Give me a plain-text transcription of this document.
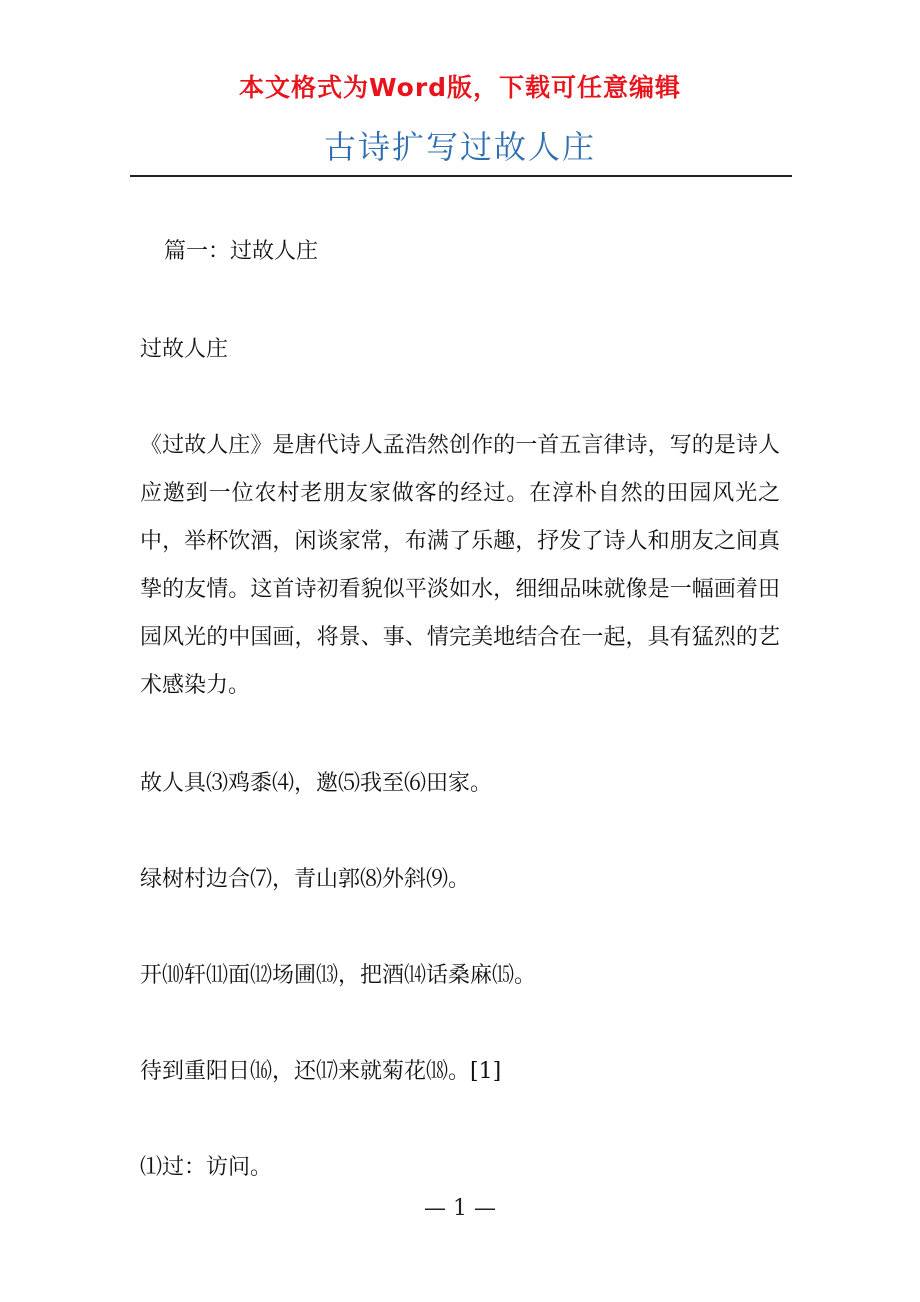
本文格式为Word版，下载可任意编辑
古诗扩写过故人庄

篇一：过故人庄

过故人庄

《过故人庄》是唐代诗人孟浩然创作的一首五言律诗，写的是诗人应邀到一位农村老朋友家做客的经过。在淳朴自然的田园风光之中，举杯饮酒，闲谈家常，布满了乐趣，抒发了诗人和朋友之间真挚的友情。这首诗初看貌似平淡如水，细细品味就像是一幅画着田园风光的中国画，将景、事、情完美地结合在一起，具有猛烈的艺术感染力。

故人具⑶鸡黍⑷，邀⑸我至⑹田家。

绿树村边合⑺，青山郭⑻外斜⑼。

开⑽轩⑾面⑿场圃⒀，把酒⒁话桑麻⒂。

待到重阳日⒃，还⒄来就菊花⒅。[1]

⑴过：访问。

— 1 —
